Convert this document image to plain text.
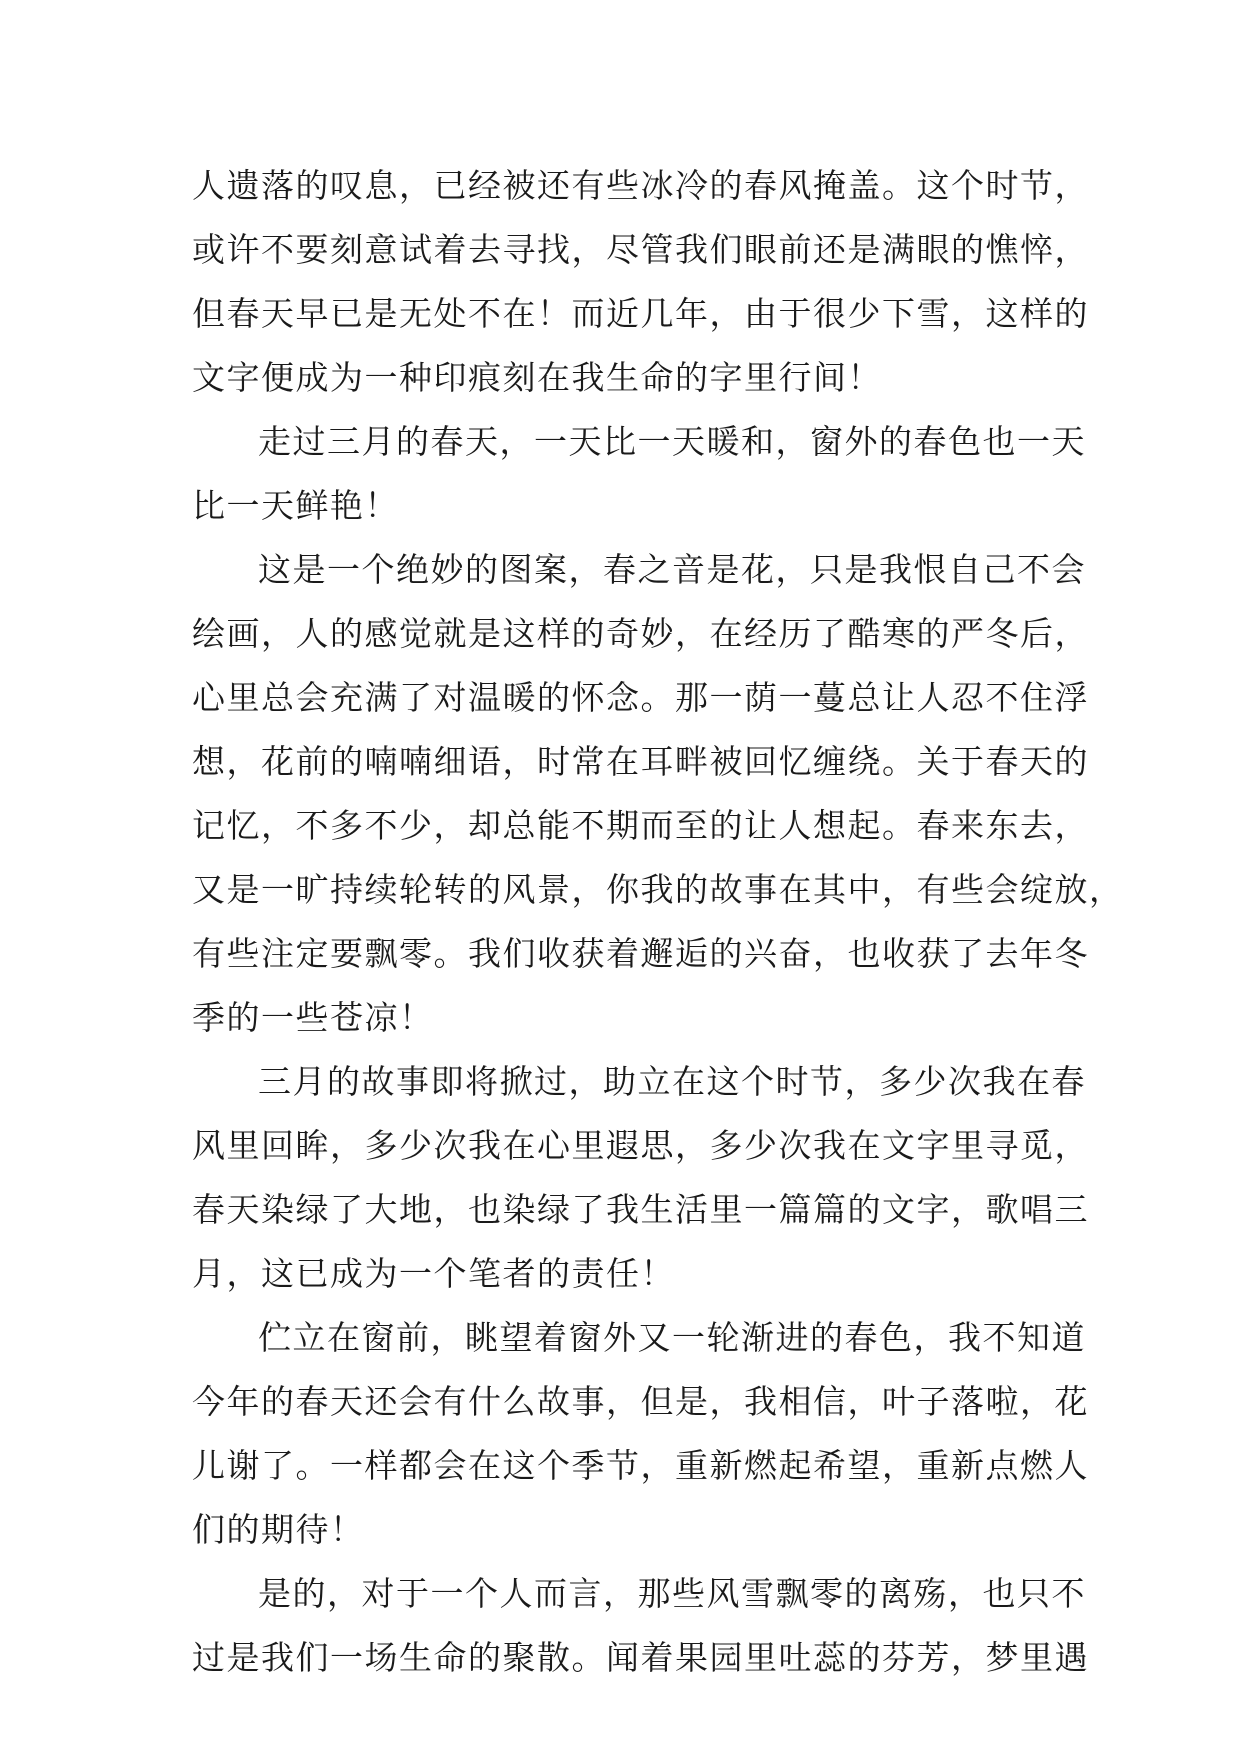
人遗落的叹息，已经被还有些冰冷的春风掩盖。这个时节，
或许不要刻意试着去寻找，尽管我们眼前还是满眼的憔悴，
但春天早已是无处不在！而近几年，由于很少下雪，这样的
文字便成为一种印痕刻在我生命的字里行间！
走过三月的春天，一天比一天暖和，窗外的春色也一天
比一天鲜艳！
这是一个绝妙的图案，春之音是花，只是我恨自己不会
绘画，人的感觉就是这样的奇妙，在经历了酷寒的严冬后，
心里总会充满了对温暖的怀念。那一荫一蔓总让人忍不住浮
想，花前的喃喃细语，时常在耳畔被回忆缠绕。关于春天的
记忆，不多不少，却总能不期而至的让人想起。春来东去，
又是一旷持续轮转的风景，你我的故事在其中，有些会绽放，
有些注定要飘零。我们收获着邂逅的兴奋，也收获了去年冬
季的一些苍凉！
三月的故事即将掀过，助立在这个时节，多少次我在春
风里回眸，多少次我在心里遐思，多少次我在文字里寻觅，
春天染绿了大地，也染绿了我生活里一篇篇的文字，歌唱三
月，这已成为一个笔者的责任！
伫立在窗前，眺望着窗外又一轮渐进的春色，我不知道
今年的春天还会有什么故事，但是，我相信，叶子落啦，花
儿谢了。一样都会在这个季节，重新燃起希望，重新点燃人
们的期待！
是的，对于一个人而言，那些风雪飘零的离殇，也只不
过是我们一场生命的聚散。闻着果园里吐蕊的芬芳，梦里遇
